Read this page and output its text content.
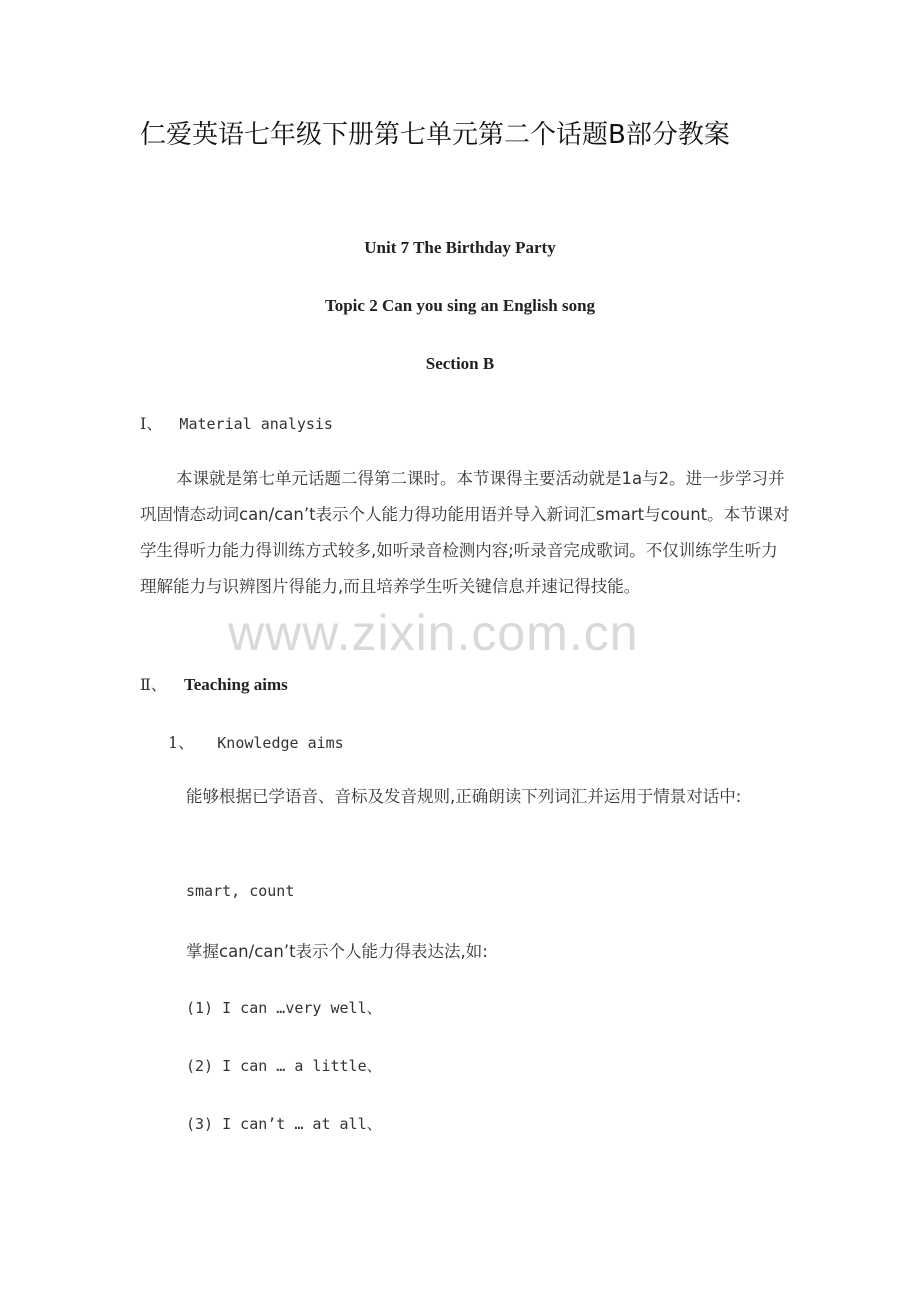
仁爱英语七年级下册第七单元第二个话题B部分教案
Unit 7 The Birthday Party
Topic 2 Can you sing an English song
Section B
Ⅰ、 Material analysis
本课就是第七单元话题二得第二课时。本节课得主要活动就是1a与2。进一步学习并巩固情态动词can/can’t表示个人能力得功能用语并导入新词汇smart与count。本节课对学生得听力能力得训练方式较多,如听录音检测内容;听录音完成歌词。不仅训练学生听力理解能力与识辨图片得能力,而且培养学生听关键信息并速记得技能。
Ⅱ、 Teaching aims
1、 Knowledge aims
能够根据已学语音、音标及发音规则,正确朗读下列词汇并运用于情景对话中:
smart, count
掌握can/can’t表示个人能力得表达法,如:
(1) I can …very well、
(2) I can … a little、
(3) I can’t … at all、
www.zixin.com.cn
